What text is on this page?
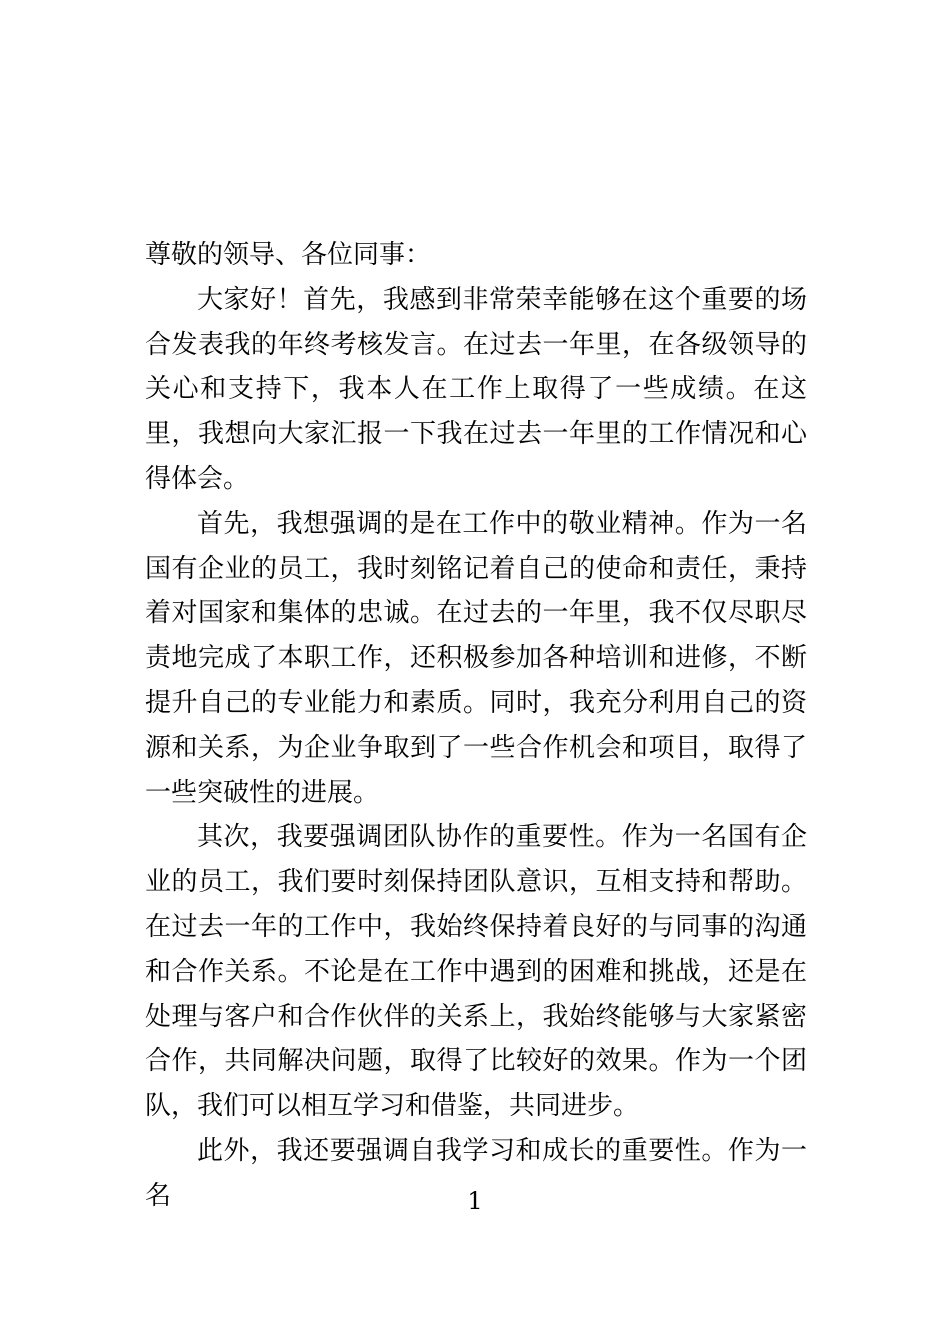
尊敬的领导、各位同事：

大家好！首先，我感到非常荣幸能够在这个重要的场合发表我的年终考核发言。在过去一年里，在各级领导的关心和支持下，我本人在工作上取得了一些成绩。在这里，我想向大家汇报一下我在过去一年里的工作情况和心得体会。

首先，我想强调的是在工作中的敬业精神。作为一名国有企业的员工，我时刻铭记着自己的使命和责任，秉持着对国家和集体的忠诚。在过去的一年里，我不仅尽职尽责地完成了本职工作，还积极参加各种培训和进修，不断提升自己的专业能力和素质。同时，我充分利用自己的资源和关系，为企业争取到了一些合作机会和项目，取得了一些突破性的进展。

其次，我要强调团队协作的重要性。作为一名国有企业的员工，我们要时刻保持团队意识，互相支持和帮助。在过去一年的工作中，我始终保持着良好的与同事的沟通和合作关系。不论是在工作中遇到的困难和挑战，还是在处理与客户和合作伙伴的关系上，我始终能够与大家紧密合作，共同解决问题，取得了比较好的效果。作为一个团队，我们可以相互学习和借鉴，共同进步。

此外，我还要强调自我学习和成长的重要性。作为一名	1
